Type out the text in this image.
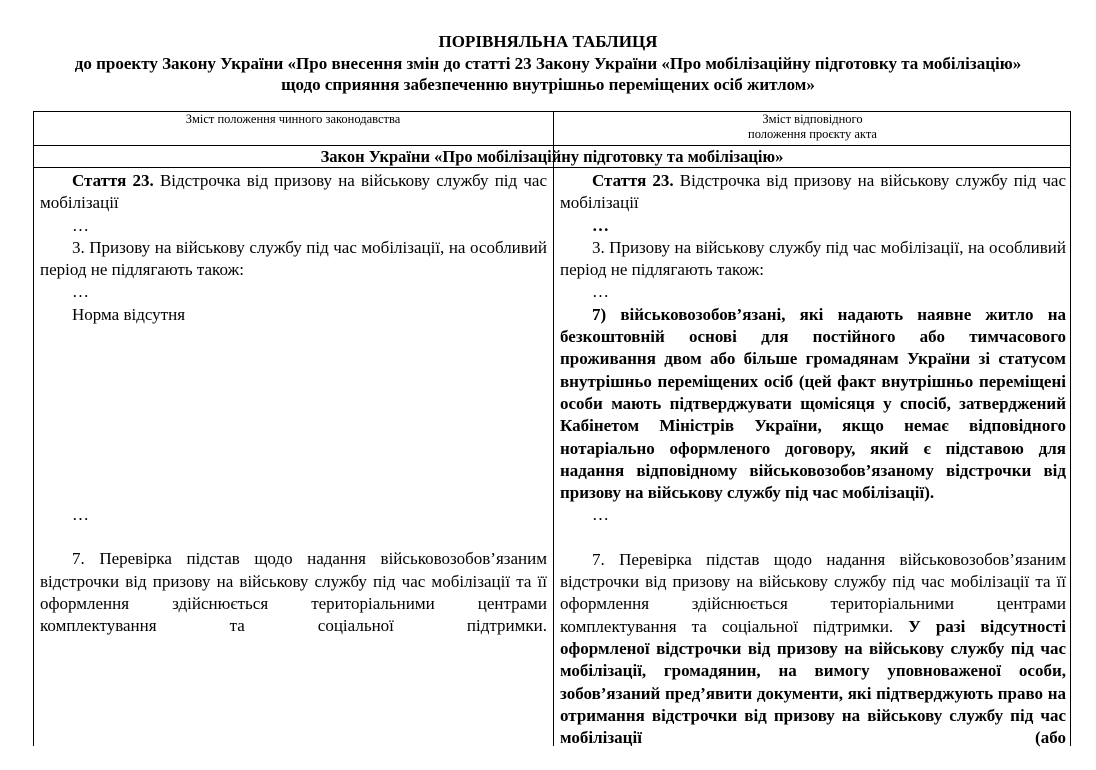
ПОРІВНЯЛЬНА ТАБЛИЦЯ
до проекту Закону України «Про внесення змін до статті 23 Закону України «Про мобілізаційну підготовку та мобілізацію» щодо сприяння забезпеченню внутрішньо переміщених осіб житлом»
Зміст положення чинного законодавства	Зміст відповідного
положення проєкту акта
Закон України «Про мобілізаційну підготовку та мобілізацію»

Стаття 23. Відстрочка від призову на військову службу під час мобілізації

…

3. Призову на військову службу під час мобілізації, на особливий період не підлягають також:

…

Норма відсутня

…

7. Перевірка підстав щодо надання військовозобов’язаним відстрочки від призову на військову службу під час мобілізації та її оформлення здійснюється територіальними центрами комплектування та соціальної підтримки.

Стаття 23. Відстрочка від призову на військову службу під час мобілізації

…

3. Призову на військову службу під час мобілізації, на особливий період не підлягають також:

…

7) військовозобов’язані, які надають наявне житло на безкоштовній основі для постійного або тимчасового проживання двом або більше громадянам України зі статусом внутрішньо переміщених осіб (цей факт внутрішньо переміщені особи мають підтверджувати щомісяця у спосіб, затверджений Кабінетом Міністрів України, якщо немає відповідного нотаріально оформленого договору, який є підставою для надання відповідному військовозобов’язаному відстрочки від призову на військову службу під час мобілізації).

…

7. Перевірка підстав щодо надання військовозобов’язаним відстрочки від призову на військову службу під час мобілізації та її оформлення здійснюється територіальними центрами комплектування та соціальної підтримки. У разі відсутності оформленої відстрочки від призову на військову службу під час мобілізації, громадянин, на вимогу уповноваженої особи, зобов’язаний пред’явити документи, які підтверджують право на отримання відстрочки від призову на військову службу під час мобілізації (або
